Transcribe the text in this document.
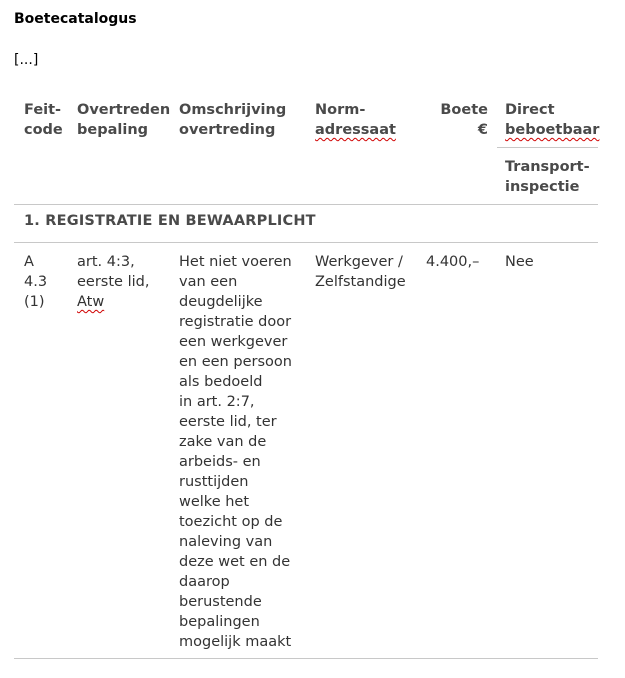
Boetecatalogus
[...]
Feit-
code
Overtreden
bepaling
Omschrijving
overtreding
Norm-
adressaat
Boete
€
Direct
beboetbaar
Transport-
inspectie
1. REGISTRATIE EN BEWAARPLICHT
A
4.3
(1)
art. 4:3,
eerste lid,
Atw
Het niet voeren
van een
deugdelijke
registratie door
een werkgever
en een persoon
als bedoeld
in art. 2:7,
eerste lid, ter
zake van de
arbeids- en
rusttijden
welke het
toezicht op de
naleving van
deze wet en de
daarop
berustende
bepalingen
mogelijk maakt
Werkgever /
Zelfstandige
4.400,– Nee
